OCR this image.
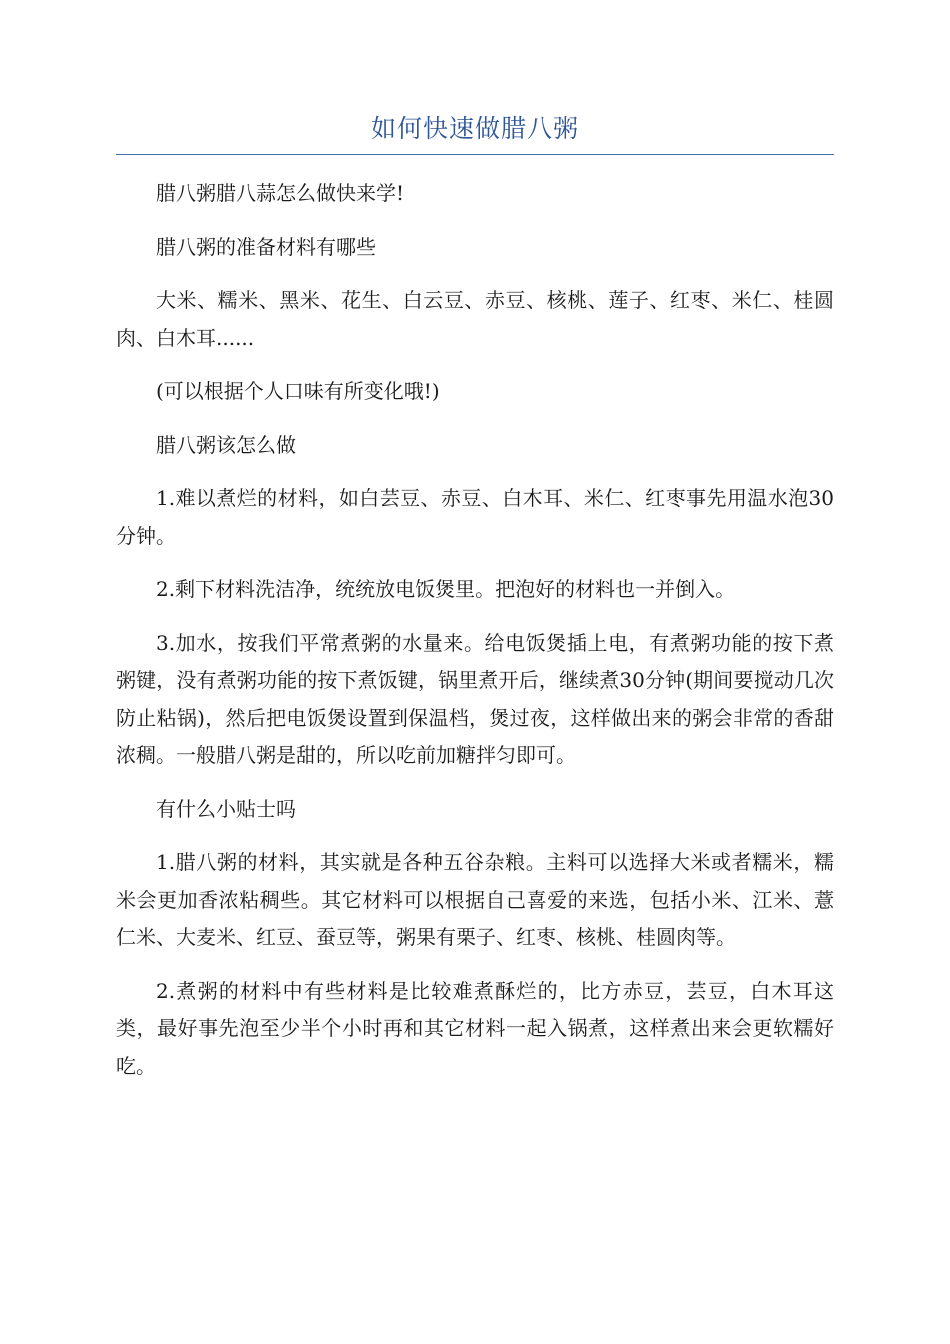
如何快速做腊八粥

腊八粥腊八蒜怎么做快来学!

腊八粥的准备材料有哪些

大米、糯米、黑米、花生、白云豆、赤豆、核桃、莲子、红枣、米仁、桂圆肉、白木耳......

(可以根据个人口味有所变化哦!)

腊八粥该怎么做

1.难以煮烂的材料，如白芸豆、赤豆、白木耳、米仁、红枣事先用温水泡30分钟。

2.剩下材料洗洁净，统统放电饭煲里。把泡好的材料也一并倒入。

3.加水，按我们平常煮粥的水量来。给电饭煲插上电，有煮粥功能的按下煮粥键，没有煮粥功能的按下煮饭键，锅里煮开后，继续煮30分钟(期间要搅动几次防止粘锅)，然后把电饭煲设置到保温档，煲过夜，这样做出来的粥会非常的香甜浓稠。一般腊八粥是甜的，所以吃前加糖拌匀即可。

有什么小贴士吗

1.腊八粥的材料，其实就是各种五谷杂粮。主料可以选择大米或者糯米，糯米会更加香浓粘稠些。其它材料可以根据自己喜爱的来选，包括小米、江米、薏仁米、大麦米、红豆、蚕豆等，粥果有栗子、红枣、核桃、桂圆肉等。

2.煮粥的材料中有些材料是比较难煮酥烂的，比方赤豆，芸豆，白木耳这类，最好事先泡至少半个小时再和其它材料一起入锅煮，这样煮出来会更软糯好吃。
